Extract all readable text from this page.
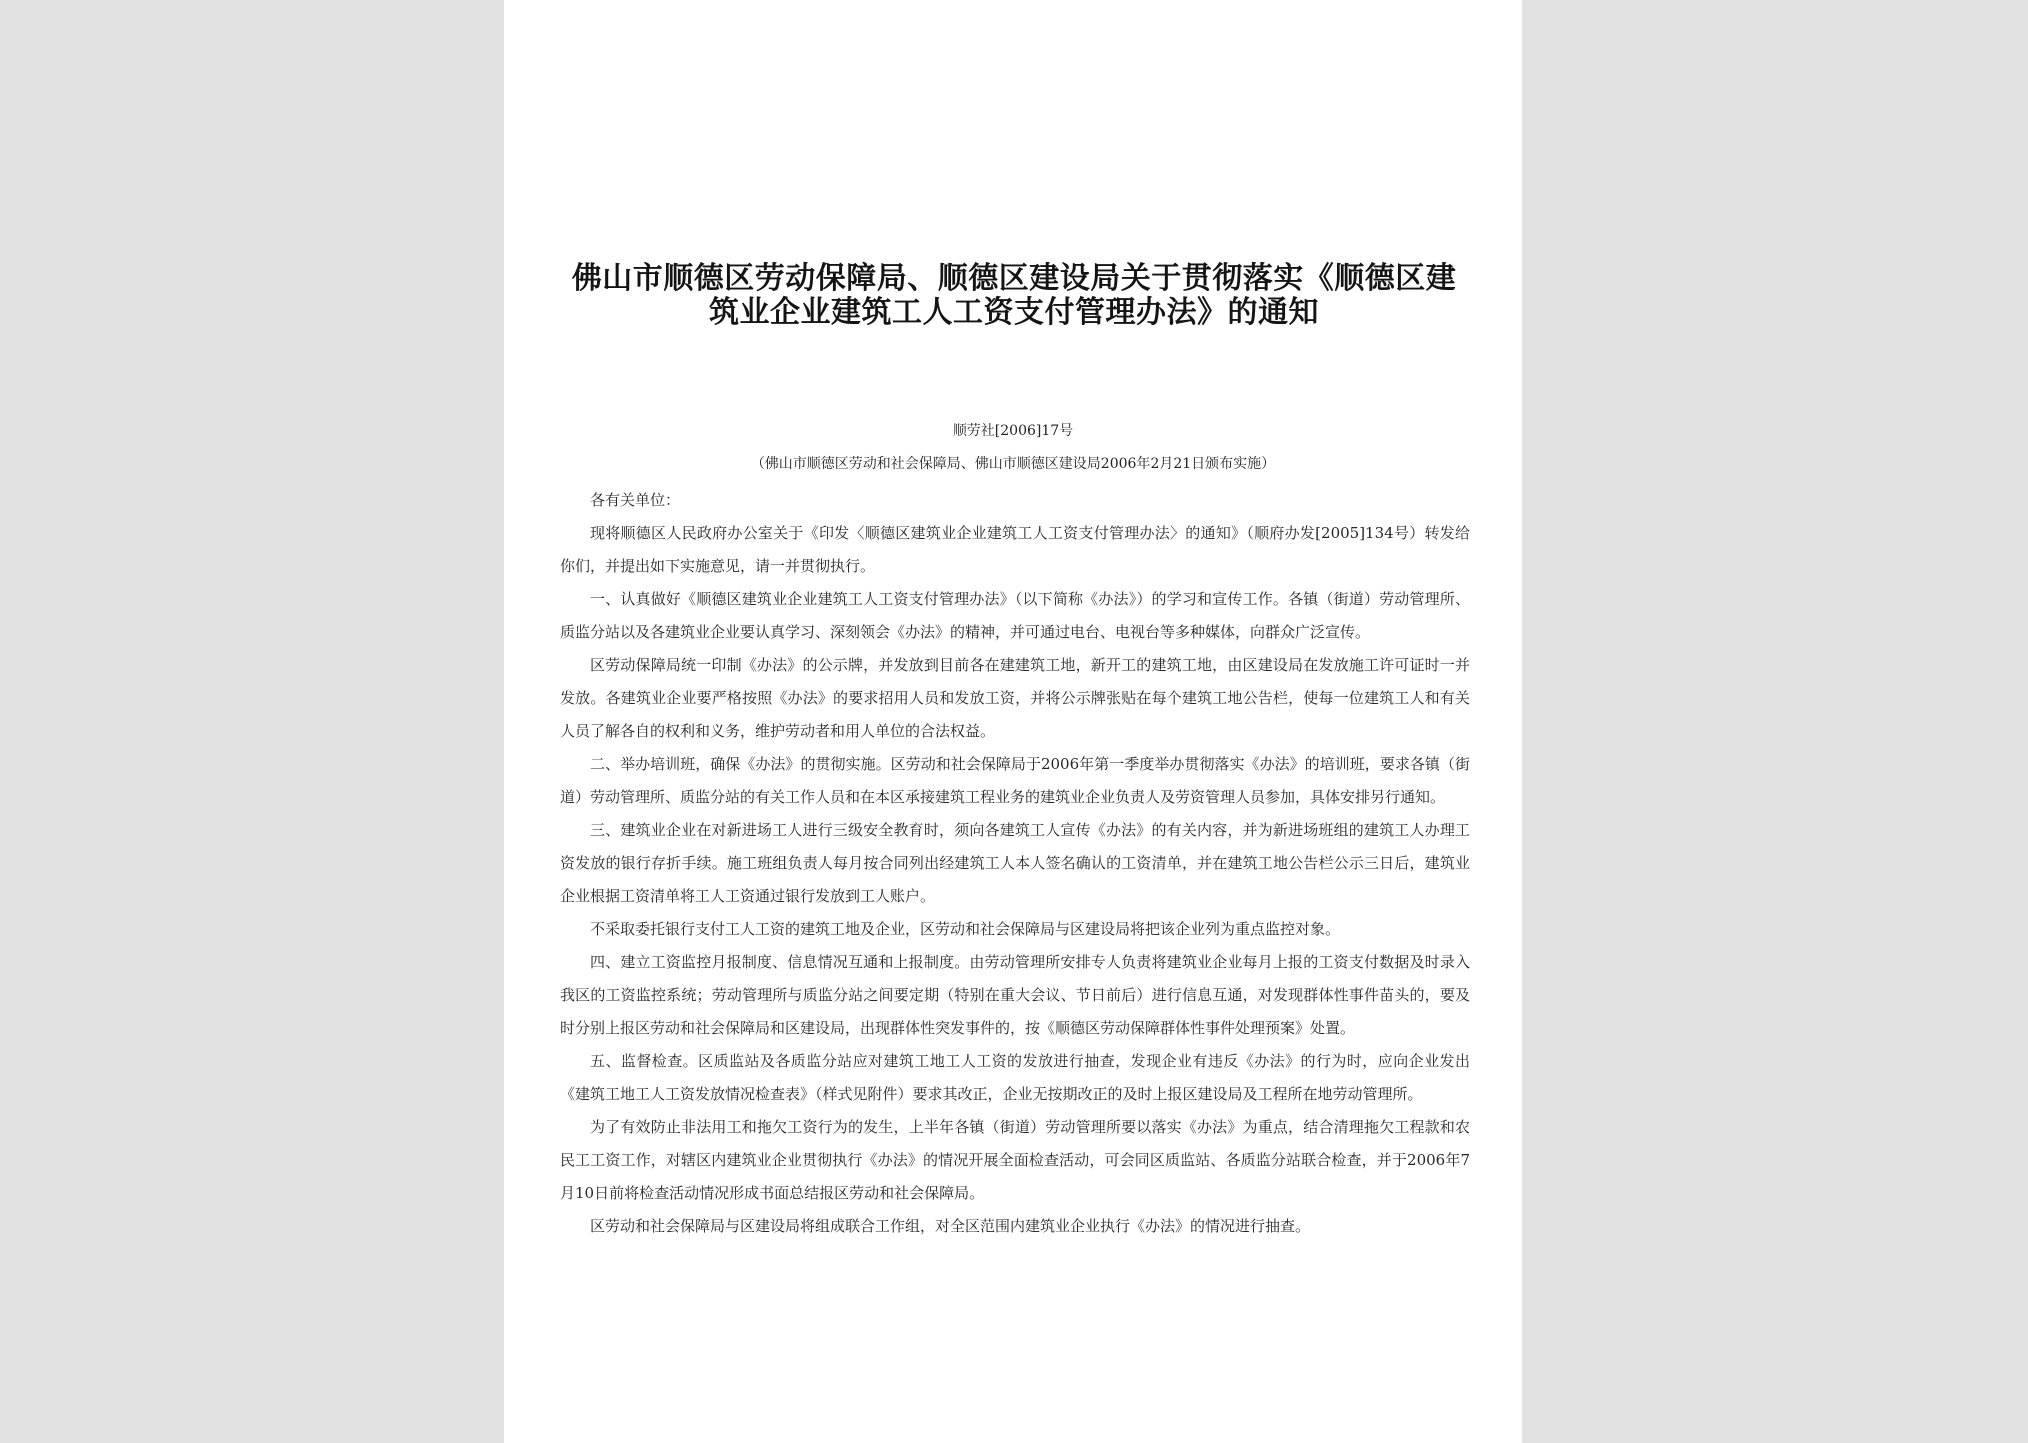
佛山市顺德区劳动保障局、顺德区建设局关于贯彻落实《顺德区建筑业企业建筑工人工资支付管理办法》的通知
顺劳社[2006]17号
（佛山市顺德区劳动和社会保障局、佛山市顺德区建设局2006年2月21日颁布实施）

各有关单位：

现将顺德区人民政府办公室关于《印发〈顺德区建筑业企业建筑工人工资支付管理办法〉的通知》（顺府办发[2005]134号）转发给你们，并提出如下实施意见，请一并贯彻执行。

一、认真做好《顺德区建筑业企业建筑工人工资支付管理办法》（以下简称《办法》）的学习和宣传工作。各镇（街道）劳动管理所、质监分站以及各建筑业企业要认真学习、深刻领会《办法》的精神，并可通过电台、电视台等多种媒体，向群众广泛宣传。

区劳动保障局统一印制《办法》的公示牌，并发放到目前各在建建筑工地，新开工的建筑工地，由区建设局在发放施工许可证时一并发放。各建筑业企业要严格按照《办法》的要求招用人员和发放工资，并将公示牌张贴在每个建筑工地公告栏，使每一位建筑工人和有关人员了解各自的权利和义务，维护劳动者和用人单位的合法权益。

二、举办培训班，确保《办法》的贯彻实施。区劳动和社会保障局于2006年第一季度举办贯彻落实《办法》的培训班，要求各镇（街道）劳动管理所、质监分站的有关工作人员和在本区承接建筑工程业务的建筑业企业负责人及劳资管理人员参加，具体安排另行通知。

三、建筑业企业在对新进场工人进行三级安全教育时，须向各建筑工人宣传《办法》的有关内容，并为新进场班组的建筑工人办理工资发放的银行存折手续。施工班组负责人每月按合同列出经建筑工人本人签名确认的工资清单，并在建筑工地公告栏公示三日后，建筑业企业根据工资清单将工人工资通过银行发放到工人账户。

不采取委托银行支付工人工资的建筑工地及企业，区劳动和社会保障局与区建设局将把该企业列为重点监控对象。

四、建立工资监控月报制度、信息情况互通和上报制度。由劳动管理所安排专人负责将建筑业企业每月上报的工资支付数据及时录入我区的工资监控系统；劳动管理所与质监分站之间要定期（特别在重大会议、节日前后）进行信息互通，对发现群体性事件苗头的，要及时分别上报区劳动和社会保障局和区建设局，出现群体性突发事件的，按《顺德区劳动保障群体性事件处理预案》处置。

五、监督检查。区质监站及各质监分站应对建筑工地工人工资的发放进行抽查，发现企业有违反《办法》的行为时，应向企业发出《建筑工地工人工资发放情况检查表》（样式见附件）要求其改正，企业无按期改正的及时上报区建设局及工程所在地劳动管理所。

为了有效防止非法用工和拖欠工资行为的发生，上半年各镇（街道）劳动管理所要以落实《办法》为重点，结合清理拖欠工程款和农民工工资工作，对辖区内建筑业企业贯彻执行《办法》的情况开展全面检查活动，可会同区质监站、各质监分站联合检查，并于2006年7月10日前将检查活动情况形成书面总结报区劳动和社会保障局。

区劳动和社会保障局与区建设局将组成联合工作组，对全区范围内建筑业企业执行《办法》的情况进行抽查。
